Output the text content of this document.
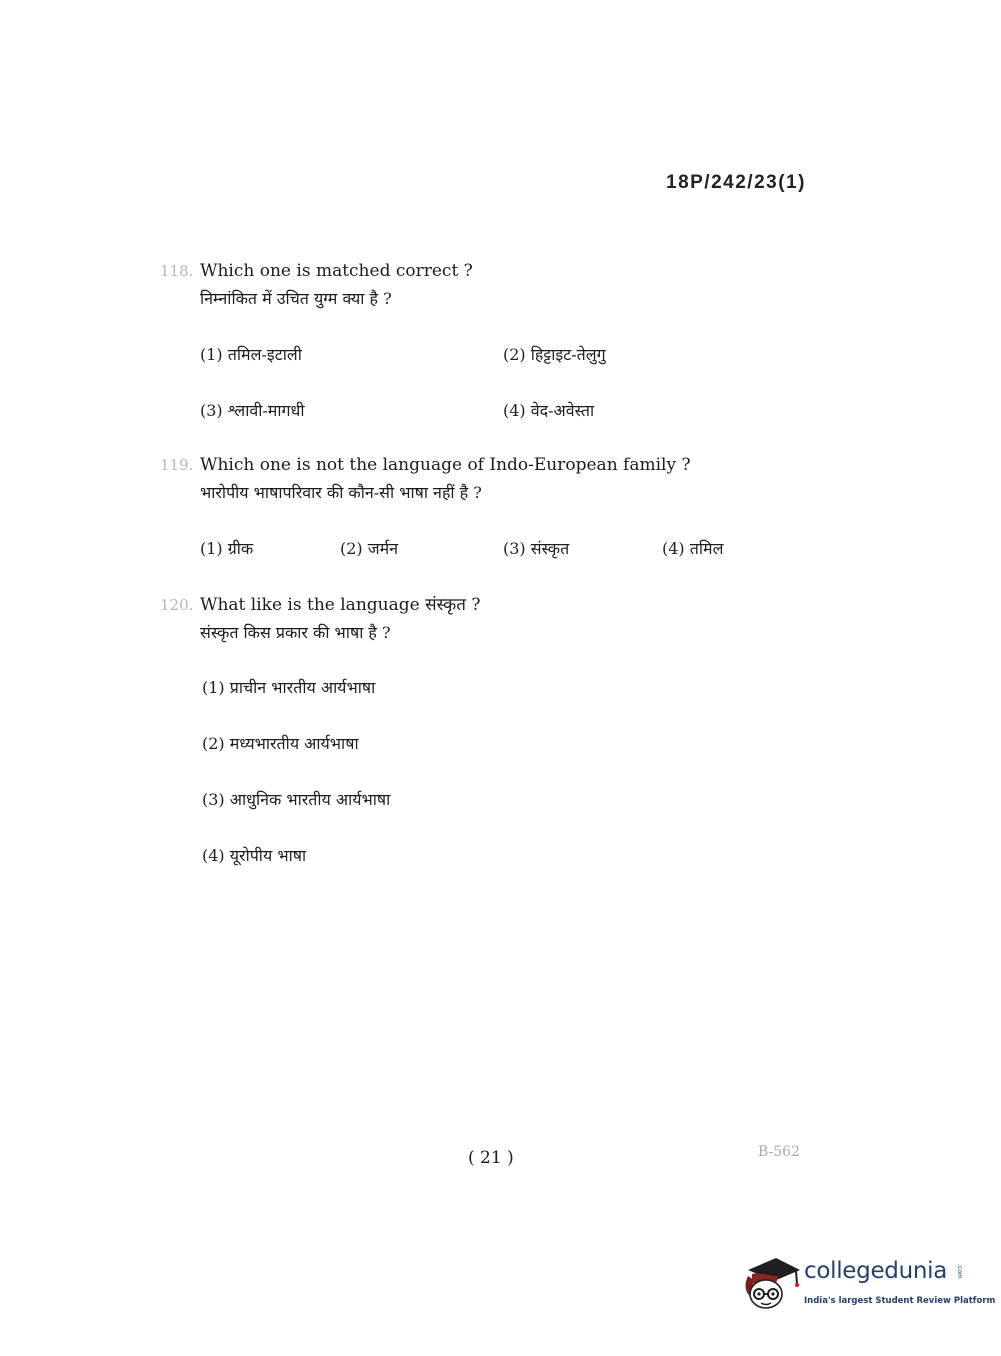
18P/242/23(1)
118. Which one is matched correct ?
निम्नांकित में उचित युग्म क्या है ?
(1) तमिल-इटाली	(2) हिट्टाइट-तेलुगु
(3) श्लावी-मागधी	(4) वेद-अवेस्ता
119. Which one is not the language of Indo-European family ?
भारोपीय भाषापरिवार की कौन-सी भाषा नहीं है ?
(1) ग्रीक	(2) जर्मन	(3) संस्कृत	(4) तमिल
120. What like is the language संस्कृत ?
संस्कृत किस प्रकार की भाषा है ?
(1) प्राचीन भारतीय आर्यभाषा
(2) मध्यभारतीय आर्यभाषा
(3) आधुनिक भारतीय आर्यभाषा
(4) यूरोपीय भाषा
( 21 )	B-562
collegedunia .com
India's largest Student Review Platform
